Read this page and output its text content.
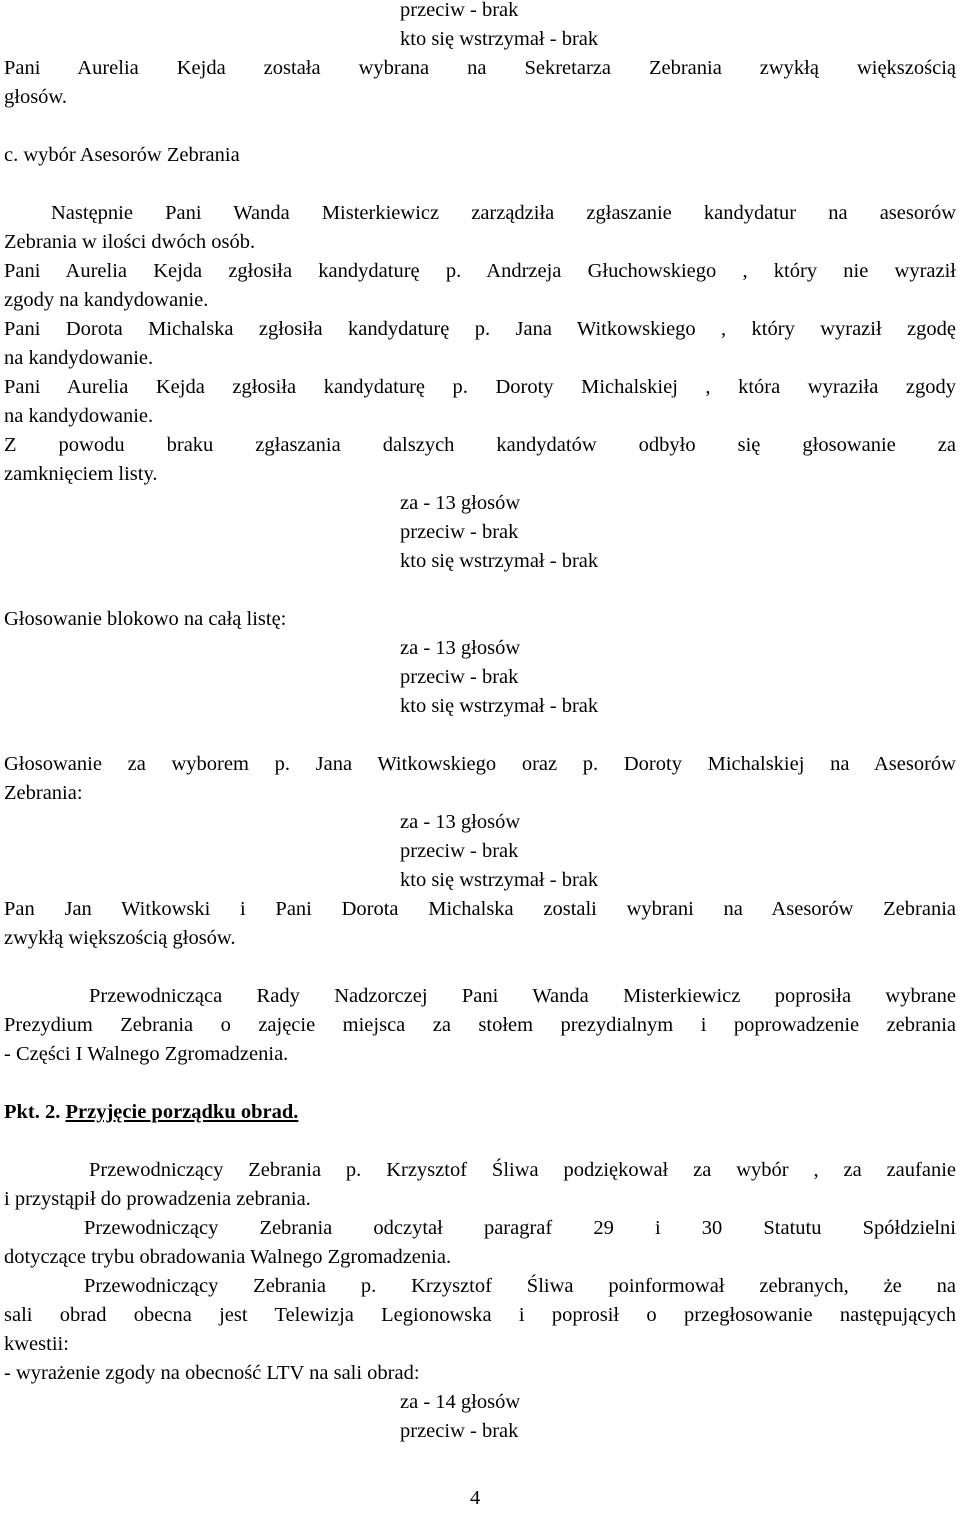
przeciw - brak
kto się wstrzymał - brak
Pani Aurelia Kejda została wybrana na Sekretarza Zebrania zwykłą większością
głosów.
c. wybór Asesorów Zebrania
Następnie Pani Wanda Misterkiewicz zarządziła zgłaszanie kandydatur na asesorów
Zebrania w ilości dwóch osób.
Pani Aurelia Kejda zgłosiła kandydaturę p. Andrzeja Głuchowskiego , który nie wyraził
zgody na kandydowanie.
Pani Dorota Michalska zgłosiła kandydaturę p. Jana Witkowskiego , który wyraził zgodę
na kandydowanie.
Pani Aurelia Kejda zgłosiła kandydaturę p. Doroty Michalskiej , która wyraziła zgody
na kandydowanie.
Z powodu braku zgłaszania dalszych kandydatów odbyło się głosowanie za
zamknięciem listy.
za - 13 głosów
przeciw - brak
kto się wstrzymał - brak
Głosowanie blokowo na całą listę:
za - 13 głosów
przeciw - brak
kto się wstrzymał - brak
Głosowanie za wyborem p. Jana Witkowskiego oraz p. Doroty Michalskiej na Asesorów
Zebrania:
za - 13 głosów
przeciw - brak
kto się wstrzymał - brak
Pan Jan Witkowski i Pani Dorota Michalska zostali wybrani na Asesorów Zebrania
zwykłą większością głosów.
Przewodnicząca Rady Nadzorczej Pani Wanda Misterkiewicz poprosiła wybrane
Prezydium Zebrania o zajęcie miejsca za stołem prezydialnym i poprowadzenie zebrania
- Części I Walnego Zgromadzenia.
Pkt. 2. Przyjęcie porządku obrad.
Przewodniczący Zebrania p. Krzysztof Śliwa podziękował za wybór , za zaufanie
i przystąpił do prowadzenia zebrania.
Przewodniczący Zebrania odczytał paragraf 29 i 30 Statutu Spółdzielni
dotyczące trybu obradowania Walnego Zgromadzenia.
Przewodniczący Zebrania p. Krzysztof Śliwa poinformował zebranych, że na
sali obrad obecna jest Telewizja Legionowska i poprosił o przegłosowanie następujących
kwestii:
- wyrażenie zgody na obecność LTV na sali obrad:
za - 14 głosów
przeciw - brak
4
